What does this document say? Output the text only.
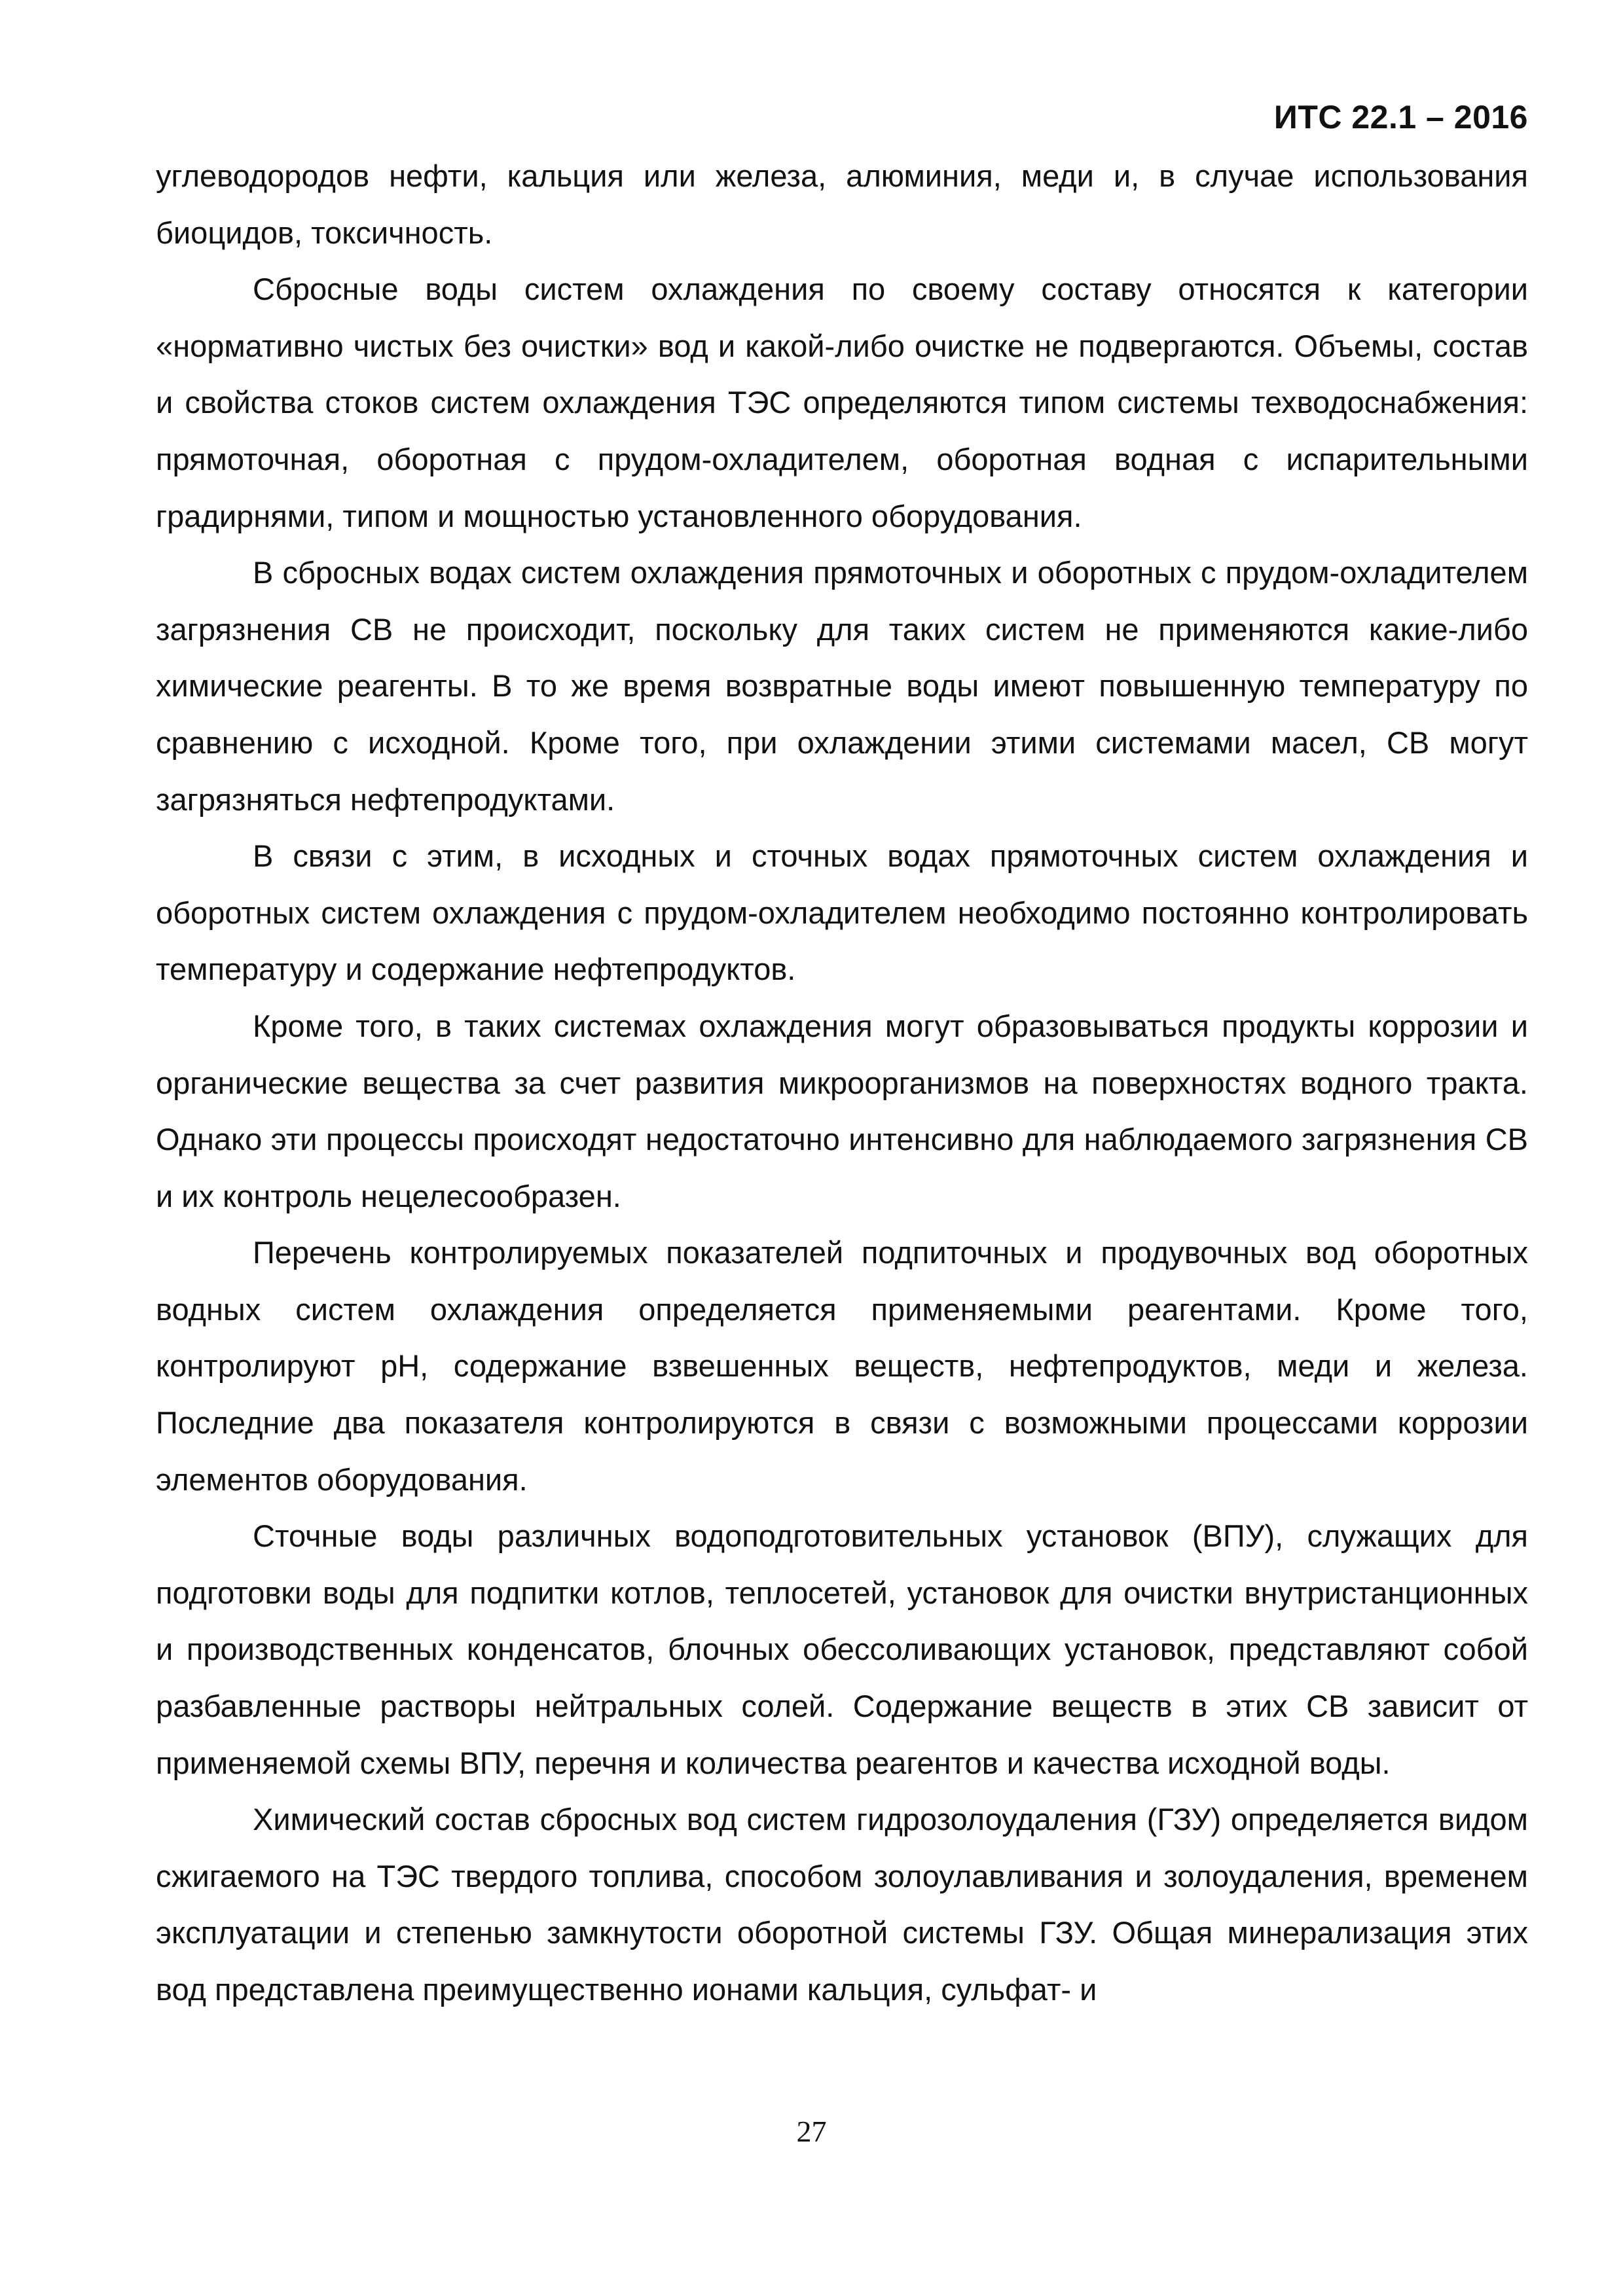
ИТС 22.1 – 2016

углеводородов нефти, кальция или железа, алюминия, меди и, в случае использования биоцидов, токсичность.

Сбросные воды систем охлаждения по своему составу относятся к категории «нормативно чистых без очистки» вод и какой-либо очистке не подвергаются. Объемы, состав и свойства стоков систем охлаждения ТЭС определяются типом системы техводоснабжения: прямоточная, оборотная с прудом-охладителем, оборотная водная с испарительными градирнями, типом и мощностью установленного оборудования.

В сбросных водах систем охлаждения прямоточных и оборотных с прудом-охладителем загрязнения СВ не происходит, поскольку для таких систем не применяются какие-либо химические реагенты. В то же время возвратные воды имеют повышенную температуру по сравнению с исходной. Кроме того, при охлаждении этими системами масел, СВ могут загрязняться нефтепродуктами.

В связи с этим, в исходных и сточных водах прямоточных систем охлаждения и оборотных систем охлаждения с прудом-охладителем необходимо постоянно контролировать температуру и содержание нефтепродуктов.

Кроме того, в таких системах охлаждения могут образовываться продукты коррозии и органические вещества за счет развития микроорганизмов на поверхностях водного тракта. Однако эти процессы происходят недостаточно интенсивно для наблюдаемого загрязнения СВ и их контроль нецелесообразен.

Перечень контролируемых показателей подпиточных и продувочных вод оборотных водных систем охлаждения определяется применяемыми реагентами. Кроме того, контролируют pH, содержание взвешенных веществ, нефтепродуктов, меди и железа. Последние два показателя контролируются в связи с возможными процессами коррозии элементов оборудования.

Сточные воды различных водоподготовительных установок (ВПУ), служащих для подготовки воды для подпитки котлов, теплосетей, установок для очистки внутристанционных и производственных конденсатов, блочных обессоливающих установок, представляют собой разбавленные растворы нейтральных солей. Содержание веществ в этих СВ зависит от применяемой схемы ВПУ, перечня и количества реагентов и качества исходной воды.

Химический состав сбросных вод систем гидрозолоудаления (ГЗУ) определяется видом сжигаемого на ТЭС твердого топлива, способом золоулавливания и золоудаления, временем эксплуатации и степенью замкнутости оборотной системы ГЗУ. Общая минерализация этих вод представлена преимущественно ионами кальция, сульфат- и

27
